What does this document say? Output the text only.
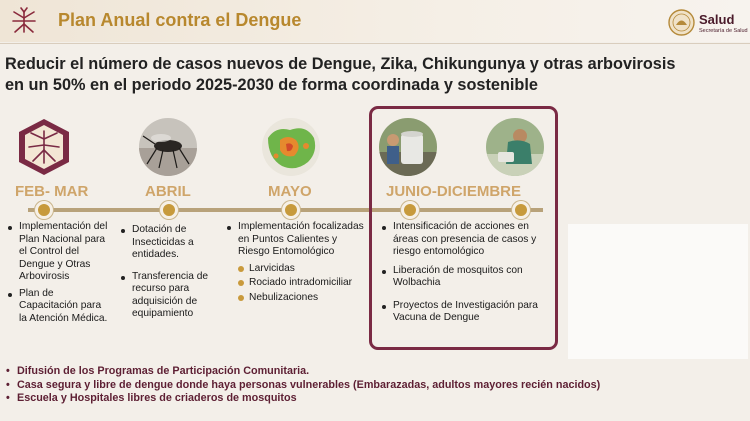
Plan Anual contra el Dengue	Salud
Secretaría de Salud
Reducir el número de casos nuevos de Dengue, Zika, Chikungunya y otras arbovirosis
en un 50% en el periodo 2025-2030 de forma coordinada y sostenible
FEB- MAR	ABRIL	MAYO	JUNIO-DICIEMBRE
Implementación del Plan Nacional para el Control del Dengue y Otras Arbovirosis
Plan de Capacitación para la Atención Médica.
Dotación de Insecticidas a entidades.
Transferencia de recurso para adquisición de equipamiento
Implementación focalizadas en Puntos Calientes y Riesgo Entomológico
Larvicidas
Rociado intradomiciliar
Nebulizaciones
Intensificación de acciones en áreas con presencia de casos y riesgo entomológico
Liberación de mosquitos con Wolbachia
Proyectos de Investigación para Vacuna de Dengue
• Difusión de los Programas de Participación Comunitaria.
• Casa segura y libre de dengue donde haya personas vulnerables (Embarazadas, adultos mayores recién nacidos)
• Escuela y Hospitales libres de criaderos de mosquitos
